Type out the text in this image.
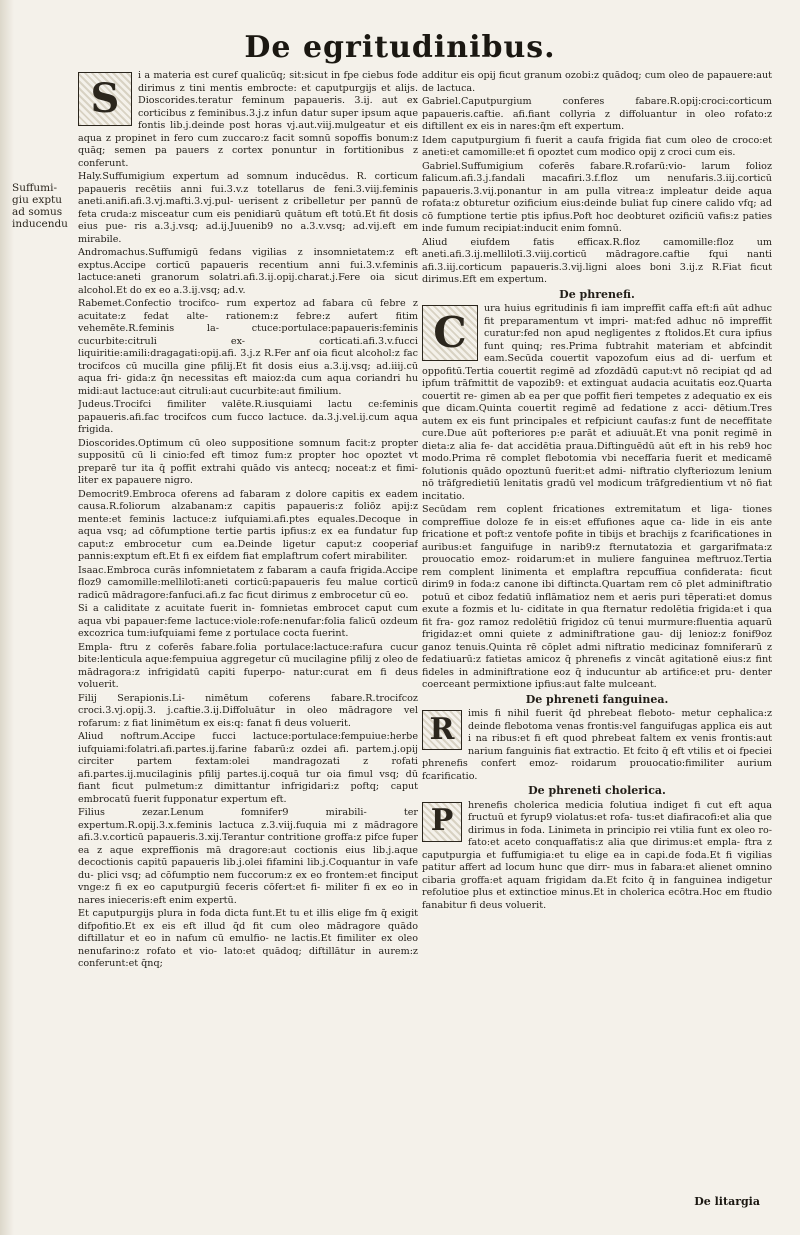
De egritudinibus.
Suffumi-
giu exptu
ad somus
inducendu
S	i a materia est curef qualicūq; sit:sicut in fpe ciebus fode dirimus z tini mentis embrocte: et caputpurgijs et alijs. Dioscorides.teratur feminum papaueris. 3.ij. aut ex corticibus z feminibus.3.j.z infun datur super ipsum aque fontis lib.j.deinde post horas vj.aut.viij.mulgeatur et eis aqua z propinet in fero cum zuccaro:z facit somnū sopoffis bonum:z quāq; semen pa pauers z cortex ponuntur in fortitionibus z conferunt.

Haly.Suffumigium expertum ad somnum inducēdus. R. corticum papaueris recētiis anni fui.3.v.z totellarus de feni.3.viij.feminis aneti.anifi.afi.3.vj.mafti.3.vj.pul- uerisent z cribelletur per pannū de feta cruda:z misceatur cum eis penidiarū quātum eft totū.Et fit dosis eius pue- ris a.3.j.vsq; ad.ij.Juuenib9 no a.3.v.vsq; ad.vij.eft em mirabile.

Andromachus.Suffumigū fedans vigilias z insomnietatem:z eft exptus.Accipe corticū papaueris recentium anni fui.3.v.feminis lactuce:aneti granorum solatri.afi.3.ij.opij.charat.j.Fere oia sicut alcohol.Et do ex eo a.3.ij.vsq; ad.v.

Rabemet.Confectio trocifco- rum expertoz ad fabara cū febre z acuitate:z fedat alte- rationem:z febre:z aufert fitim vehemēte.R.feminis la- ctuce:portulace:papaueris:feminis cucurbite:citruli ex- corticati.afi.3.v.fucci liquiritie:amili:dragagati:opij.afi. 3.j.z R.Fer anf oia ficut alcohol:z fac trocifcos cū mucilla gine pfilij.Et fit dosis eius a.3.ij.vsq; ad.iiij.cū aqua fri- gida:z q̄n necessitas eft maioz:da cum aqua coriandri hu midi:aut lactuce:aut citruli:aut cucurbite:aut fimilium.

Judeus.Trocifci fimiliter valēte.R.iusquiami lactu ce:feminis papaueris.afi.fac trocifcos cum fucco lactuce. da.3.j.vel.ij.cum aqua frigida.

Dioscorides.Optimum cū oleo suppositione somnum facit:z propter suppositū cū li cinio:fed eft timoz fum:z propter hoc opoztet vt preparē tur ita q̄ poffit extrahi quādo vis antecq; noceat:z et fimi- liter ex papauere nigro.

Democrit9.Embroca oferens ad fabaram z dolore capitis ex eadem causa.R.foliorum alzabanam:z capitis papaueris:z foliōz apij:z mente:et feminis lactuce:z iufquiami.afi.ptes equales.Decoque in aqua vsq; ad cōfumptione tertie partis ipfius:z ex ea fundatur fup caput:z embrocetur cum ea.Deinde ligetur caput:z cooperiaf pannis:exptum eft.Et fi ex eifdem fiat emplaftrum cofert mirabiliter.

Isaac.Embroca curās infomnietatem z fabaram a caufa frigida.Accipe floz9 camomille:mellilotī:aneti corticū:papaueris feu malue corticū radicū mādragore:fanfuci.afi.z fac ficut dirimus z embrocetur cū eo.

Si a caliditate z acuitate fuerit in- fomnietas embrocet caput cum aqua vbi papauer:feme lactuce:viole:rofe:nenufar:folia falicū ozdeum excozrica tum:iufquiami feme z portulace cocta fuerint.

Empla- ftru z coferēs fabare.folia portulace:lactuce:rafura cucur bite:lenticula aque:fempuiua aggregetur cū mucilagine pfilij z oleo de mādragora:z infrigidatū capiti fuperpo- natur:curat em fi deus voluerit.

Filij Serapionis.Li- nimētum coferens fabare.R.trocifcoz croci.3.vj.opij.3. j.caftie.3.ij.Diffoluātur in oleo mādragore vel rofarum: z fiat linimētum ex eis:q: fanat fi deus voluerit.

Aliud noftrum.Accipe fucci lactuce:portulace:fempuiue:herbe iufquiami:folatri.afi.partes.ij.farine fabarū:z ozdei afi. partem.j.opij circiter partem fextam:olei mandragozati z rofati afi.partes.ij.mucilaginis pfilij partes.ij.coquā tur oia fimul vsq; dū fiant ficut pulmetum:z dimittantur infrigidari:z poftq; caput embrocatū fuerit fupponatur expertum eft.

Filius zezar.Lenum fomnifer9 mirabili- ter expertum.R.opij.3.x.feminis lactuca z.3.viij.fuquia mi z mādragore afi.3.v.corticū papaueris.3.xij.Terantur contritione groffa:z pifce fuper ea z aque expreffionis mā dragore:aut coctionis eius lib.j.aque decoctionis capitū papaueris lib.j.olei fifamini lib.j.Coquantur in vafe du- plici vsq; ad cōfumptio nem fuccorum:z ex eo frontem:et finciput vnge:z fi ex eo caputpurgiū feceris cōfert:et fi- militer fi ex eo in nares inieceris:eft enim expertū.

Et caputpurgijs plura in foda dicta funt.Et tu et illis elige fm q̄ exigit difpofitio.Et ex eis eft illud q̄d fit cum oleo mādragore quādo diftillatur et eo in nafum cū emulfio- ne lactis.Et fimiliter ex oleo nenufarino:z rofato et vio- lato:et quādoq; diftillātur in aurem:z conferunt:et q̄nq;

additur eis opij ficut granum ozobi:z quādoq; cum oleo de papauere:aut de lactuca.

Gabriel.Caputpurgium conferes fabare.R.opij:croci:corticum papaueris.caftie. afi.fiant collyria z diffoluantur in oleo rofato:z diftillent ex eis in nares:q̄m eft expertum.

Idem caputpurgium fi fuerit a caufa frigida fiat cum oleo de croco:et aneti:et camomille:et fi opoztet cum modico opij z croci cum eis.

Gabriel.Suffumigium coferēs fabare.R.rofarū:vio- larum folioz falicum.afi.3.j.fandali macafiri.3.f.floz um nenufaris.3.iij.corticū papaueris.3.vij.ponantur in am pulla vitrea:z impleatur deide aqua rofata:z obturetur ozificium eius:deinde buliat fup cinere calido vfq; ad cō fumptione tertie ptis ipfius.Poft hoc deobturet ozificiū vafis:z paties inde fumum recipiat:inducit enim fomnū.

Aliud eiufdem fatis efficax.R.floz camomille:floz um aneti.afi.3.ij.mellilotī.3.viij.corticū mādragore.caftie fqui nanti afi.3.iij.corticum papaueris.3.vij.ligni aloes boni 3.ij.z R.Fiat ficut dirimus.Eft em expertum.

De phrenefi.
C	ura huius egritudinis fi iam impreffit caffa eft:fi aūt adhuc fit preparamentum vt impri- mat:fed adhuc nō impreffit curatur:fed non apud negligentes z ftolidos.Et cura ipfius funt quinq; res.Prima fubtrahit materiam et abfcindit eam.Secūda couertit vapozofum eius ad di- uerfum et oppofitū.Tertia couertit regimē ad zfozdādū caput:vt nō recipiat qd ad ipfum trāfmittit de vapozib9: et extinguat audacia acuitatis eoz.Quarta couertit re- gimen ab ea per que poffit fieri tempetes z adequatio ex eis que dicam.Quinta couertit regimē ad fedatione z acci- dētium.Tres autem ex eis funt principales et refpiciunt caufas:z funt de neceffitate cure.Due aūt pofteriores p:e parāt et adiuuāt.Et vna ponit regimē in dieta:z alia fe- dat accidētia praua.Diftinguēdū aūt eft in his reb9 hoc modo.Prima rē complet flebotomia vbi neceffaria fuerit et medicamē folutionis quādo opoztunū fuerit:et admi- niftratio clyfteriozum lenium nō trāfgredietiū lenitatis gradū vel modicum trāfgredientium vt nō fiat incitatio.

Secūdam rem coplent fricationes extremitatum et liga- tiones compreffiue doloze fe in eis:et effufiones aque ca- lide in eis ante fricatione et poft:z ventofe pofite in tibijs et brachijs z fcarificationes in auribus:et fanguifuge in narib9:z fternutatozia et gargarifmata:z prouocatio emoz- roidarum:et in muliere fanguinea meftruoz.Tertia rem complent linimenta et emplaftra repcuffiua confiderata: ficut dirim9 in foda:z canone ibi diftincta.Quartam rem cō plet adminiftratio potuū et ciboz fedatiū inflāmatioz nem et aeris puri tēperati:et domus exute a fozmis et lu- ciditate in qua fternatur redolētia frigida:et i qua fit fra- goz ramoz redolētiū frigidoz cū tenui murmure:fluentia aquarū frigidaz:et omni quiete z adminiftratione gau- dij lenioz:z fonif9oz ganoz tenuis.Quinta rē cōplet admi niftratio medicinaz fomniferarū z fedatiuarū:z fatietas amicoz q̄ phrenefis z vincāt agitationē eius:z fint fideles in adminiftratione eoz q̄ inducuntur ab artifice:et pru- denter coerceant permixtione ipfius:aut falte mulceant.

De phreneti fanguinea.
R	imis fi nihil fuerit q̄d phrebeat fleboto- metur cephalica:z deinde flebotoma venas frontis:vel fanguifugas applica eis aut i na ribus:et fi eft quod phrebeat faltem ex venis frontis:aut narium fanguinis fiat extractio. Et fcito q̄ eft vtilis et oi fpeciei phrenefis confert emoz- roidarum prouocatio:fimiliter aurium fcarificatio.

De phreneti cholerica.
P	hrenefis cholerica medicia folutiua indiget fi cut eft aqua fructuū et fyrup9 violatus:et rofa- tus:et diafiracofi:et alia que dirimus in foda. Linimeta in principio rei vtilia funt ex oleo ro- fato:et aceto conquaffatis:z alia que dirimus:et empla- ftra z caputpurgia et fuffumigia:et tu elige ea in capi.de foda.Et fi vigilias patitur affert ad locum hunc que dirr- mus in fabara:et alienet omnino cibaria groffa:et aquam frigidam da.Et fcito q̄ in fanguinea indigetur refolutioe plus et extinctioe minus.Et in cholerica ecōtra.Hoc em ftudio fanabitur fi deus voluerit.

De litargia
